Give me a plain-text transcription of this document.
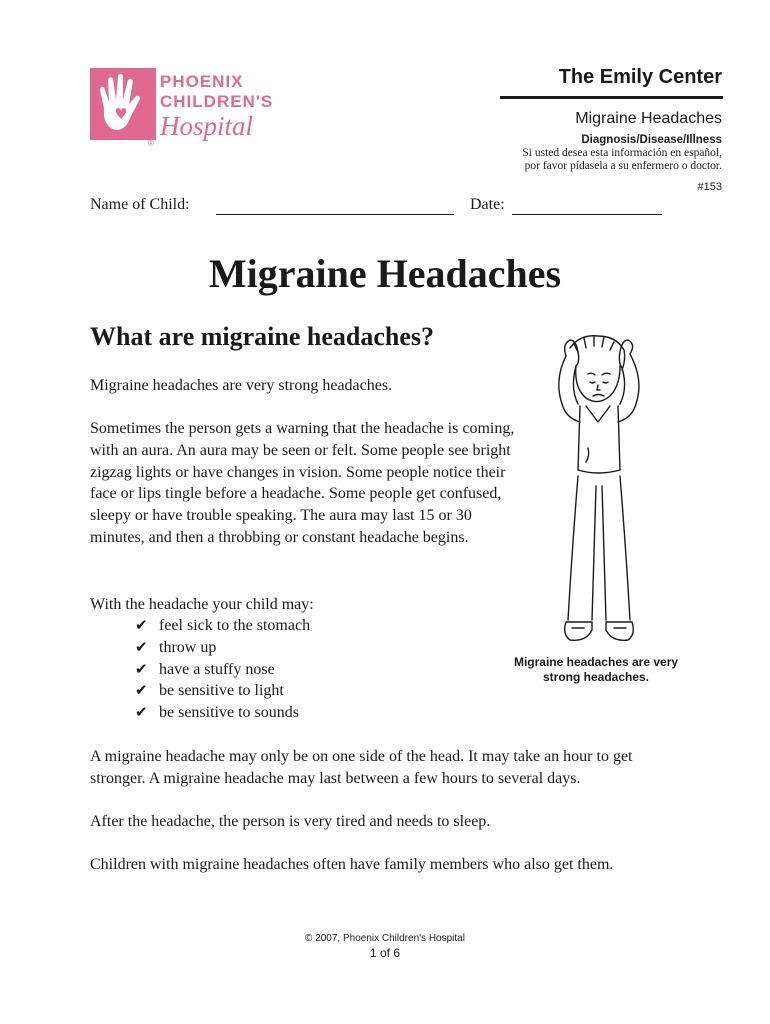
PHOENIX
CHILDREN'S
Hospital
®
The Emily Center
Migraine Headaches
Diagnosis/Disease/Illness
Si usted desea esta información en español,
por favor pídasela a su enfermero o doctor.
#153
Name of Child:	Date:
Migraine Headaches
What are migraine headaches?
Migraine headaches are very strong headaches.
Sometimes the person gets a warning that the headache is coming, with an aura. An aura may be seen or felt. Some people see bright zigzag lights or have changes in vision. Some people notice their face or lips tingle before a headache. Some people get confused, sleepy or have trouble speaking. The aura may last 15 or 30 minutes, and then a throbbing or constant headache begins.
With the headache your child may:
✔ feel sick to the stomach
✔ throw up
✔ have a stuffy nose
✔ be sensitive to light
✔ be sensitive to sounds
Migraine headaches are very strong headaches.
A migraine headache may only be on one side of the head. It may take an hour to get stronger. A migraine headache may last between a few hours to several days.
After the headache, the person is very tired and needs to sleep.
Children with migraine headaches often have family members who also get them.
© 2007, Phoenix Children's Hospital
1 of 6
